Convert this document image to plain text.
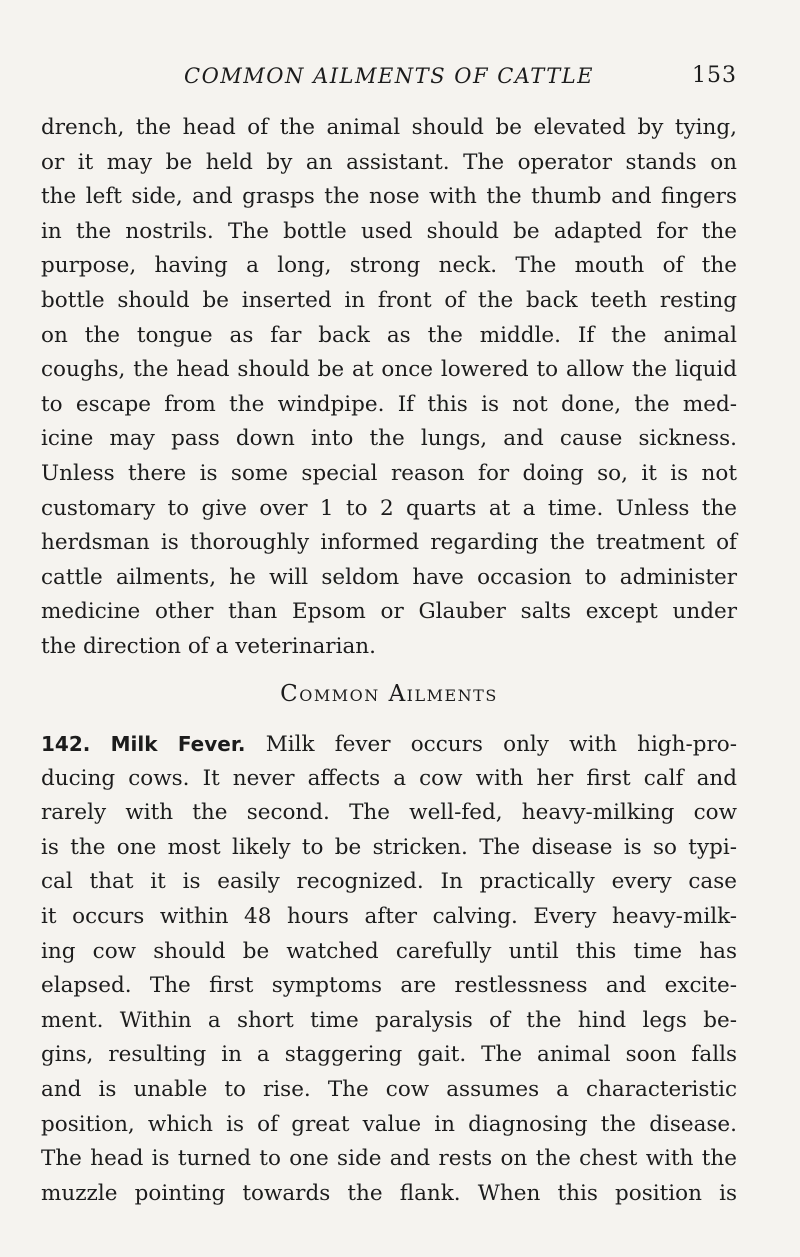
COMMON AILMENTS OF CATTLE	153
drench, the head of the animal should be elevated by tying,
or it may be held by an assistant. The operator stands on
the left side, and grasps the nose with the thumb and fingers
in the nostrils. The bottle used should be adapted for the
purpose, having a long, strong neck. The mouth of the
bottle should be inserted in front of the back teeth resting
on the tongue as far back as the middle. If the animal
coughs, the head should be at once lowered to allow the liquid
to escape from the windpipe. If this is not done, the med-
icine may pass down into the lungs, and cause sickness.
Unless there is some special reason for doing so, it is not
customary to give over 1 to 2 quarts at a time. Unless the
herdsman is thoroughly informed regarding the treatment of
cattle ailments, he will seldom have occasion to administer
medicine other than Epsom or Glauber salts except under
the direction of a veterinarian.
Common Ailments
142. Milk Fever. Milk fever occurs only with high-pro-
ducing cows. It never affects a cow with her first calf and
rarely with the second. The well-fed, heavy-milking cow
is the one most likely to be stricken. The disease is so typi-
cal that it is easily recognized. In practically every case
it occurs within 48 hours after calving. Every heavy-milk-
ing cow should be watched carefully until this time has
elapsed. The first symptoms are restlessness and excite-
ment. Within a short time paralysis of the hind legs be-
gins, resulting in a staggering gait. The animal soon falls
and is unable to rise. The cow assumes a characteristic
position, which is of great value in diagnosing the disease.
The head is turned to one side and rests on the chest with the
muzzle pointing towards the flank. When this position is
